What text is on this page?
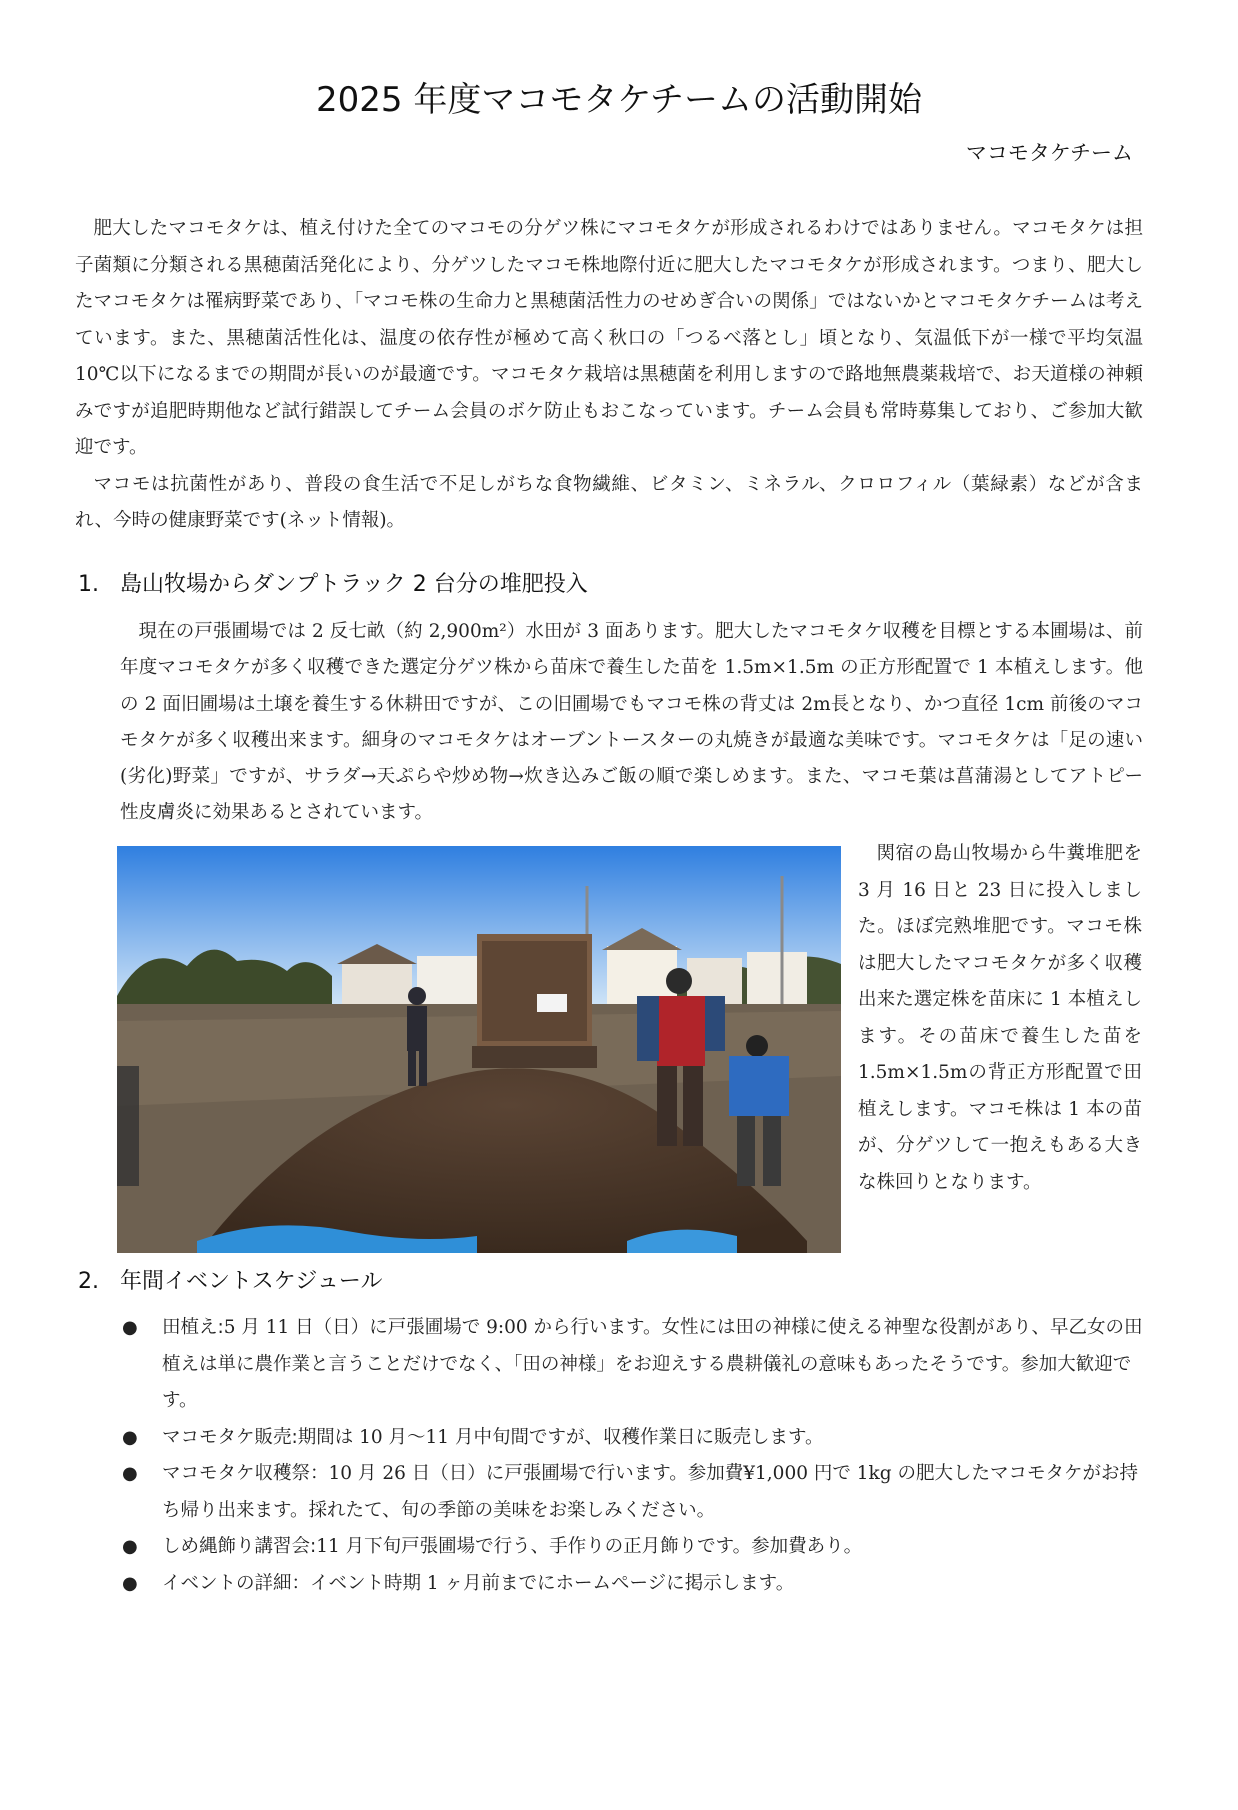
2025 年度マコモタケチームの活動開始
マコモタケチーム

肥大したマコモタケは、植え付けた全てのマコモの分ゲツ株にマコモタケが形成されるわけではありません。マコモタケは担子菌類に分類される黒穂菌活発化により、分ゲツしたマコモ株地際付近に肥大したマコモタケが形成されます。つまり、肥大したマコモタケは罹病野菜であり、「マコモ株の生命力と黒穂菌活性力のせめぎ合いの関係」ではないかとマコモタケチームは考えています。また、黒穂菌活性化は、温度の依存性が極めて高く秋口の「つるべ落とし」頃となり、気温低下が一様で平均気温 10℃以下になるまでの期間が長いのが最適です。マコモタケ栽培は黒穂菌を利用しますので路地無農薬栽培で、お天道様の神頼みですが追肥時期他など試行錯誤してチーム会員のボケ防止もおこなっています。チーム会員も常時募集しており、ご参加大歓迎です。

マコモは抗菌性があり、普段の食生活で不足しがちな食物繊維、ビタミン、ミネラル、クロロフィル（葉緑素）などが含まれ、今時の健康野菜です(ネット情報)。

1. 島山牧場からダンプトラック 2 台分の堆肥投入

現在の戸張圃場では 2 反七畝（約 2,900m²）水田が 3 面あります。肥大したマコモタケ収穫を目標とする本圃場は、前年度マコモタケが多く収穫できた選定分ゲツ株から苗床で養生した苗を 1.5m×1.5m の正方形配置で 1 本植えします。他の 2 面旧圃場は土壌を養生する休耕田ですが、この旧圃場でもマコモ株の背丈は 2m長となり、かつ直径 1cm 前後のマコモタケが多く収穫出来ます。細身のマコモタケはオーブントースターの丸焼きが最適な美味です。マコモタケは「足の速い(劣化)野菜」ですが、サラダ→天ぷらや炒め物→炊き込みご飯の順で楽しめます。また、マコモ葉は菖蒲湯としてアトピー性皮膚炎に効果あるとされています。

関宿の島山牧場から牛糞堆肥を 3 月 16 日と 23 日に投入しました。ほぼ完熟堆肥です。マコモ株は肥大したマコモタケが多く収穫出来た選定株を苗床に 1 本植えします。その苗床で養生した苗を 1.5m×1.5mの背正方形配置で田植えします。マコモ株は 1 本の苗が、分ゲツして一抱えもある大きな株回りとなります。

2. 年間イベントスケジュール
● 田植え:5 月 11 日（日）に戸張圃場で 9:00 から行います。女性には田の神様に使える神聖な役割があり、早乙女の田植えは単に農作業と言うことだけでなく、「田の神様」をお迎えする農耕儀礼の意味もあったそうです。参加大歓迎です。
● マコモタケ販売:期間は 10 月～11 月中旬間ですが、収穫作業日に販売します。
● マコモタケ収穫祭：10 月 26 日（日）に戸張圃場で行います。参加費¥1,000 円で 1kg の肥大したマコモタケがお持ち帰り出来ます。採れたて、旬の季節の美味をお楽しみください。
● しめ縄飾り講習会:11 月下旬戸張圃場で行う、手作りの正月飾りです。参加費あり。
● イベントの詳細：イベント時期 1 ヶ月前までにホームページに掲示します。
